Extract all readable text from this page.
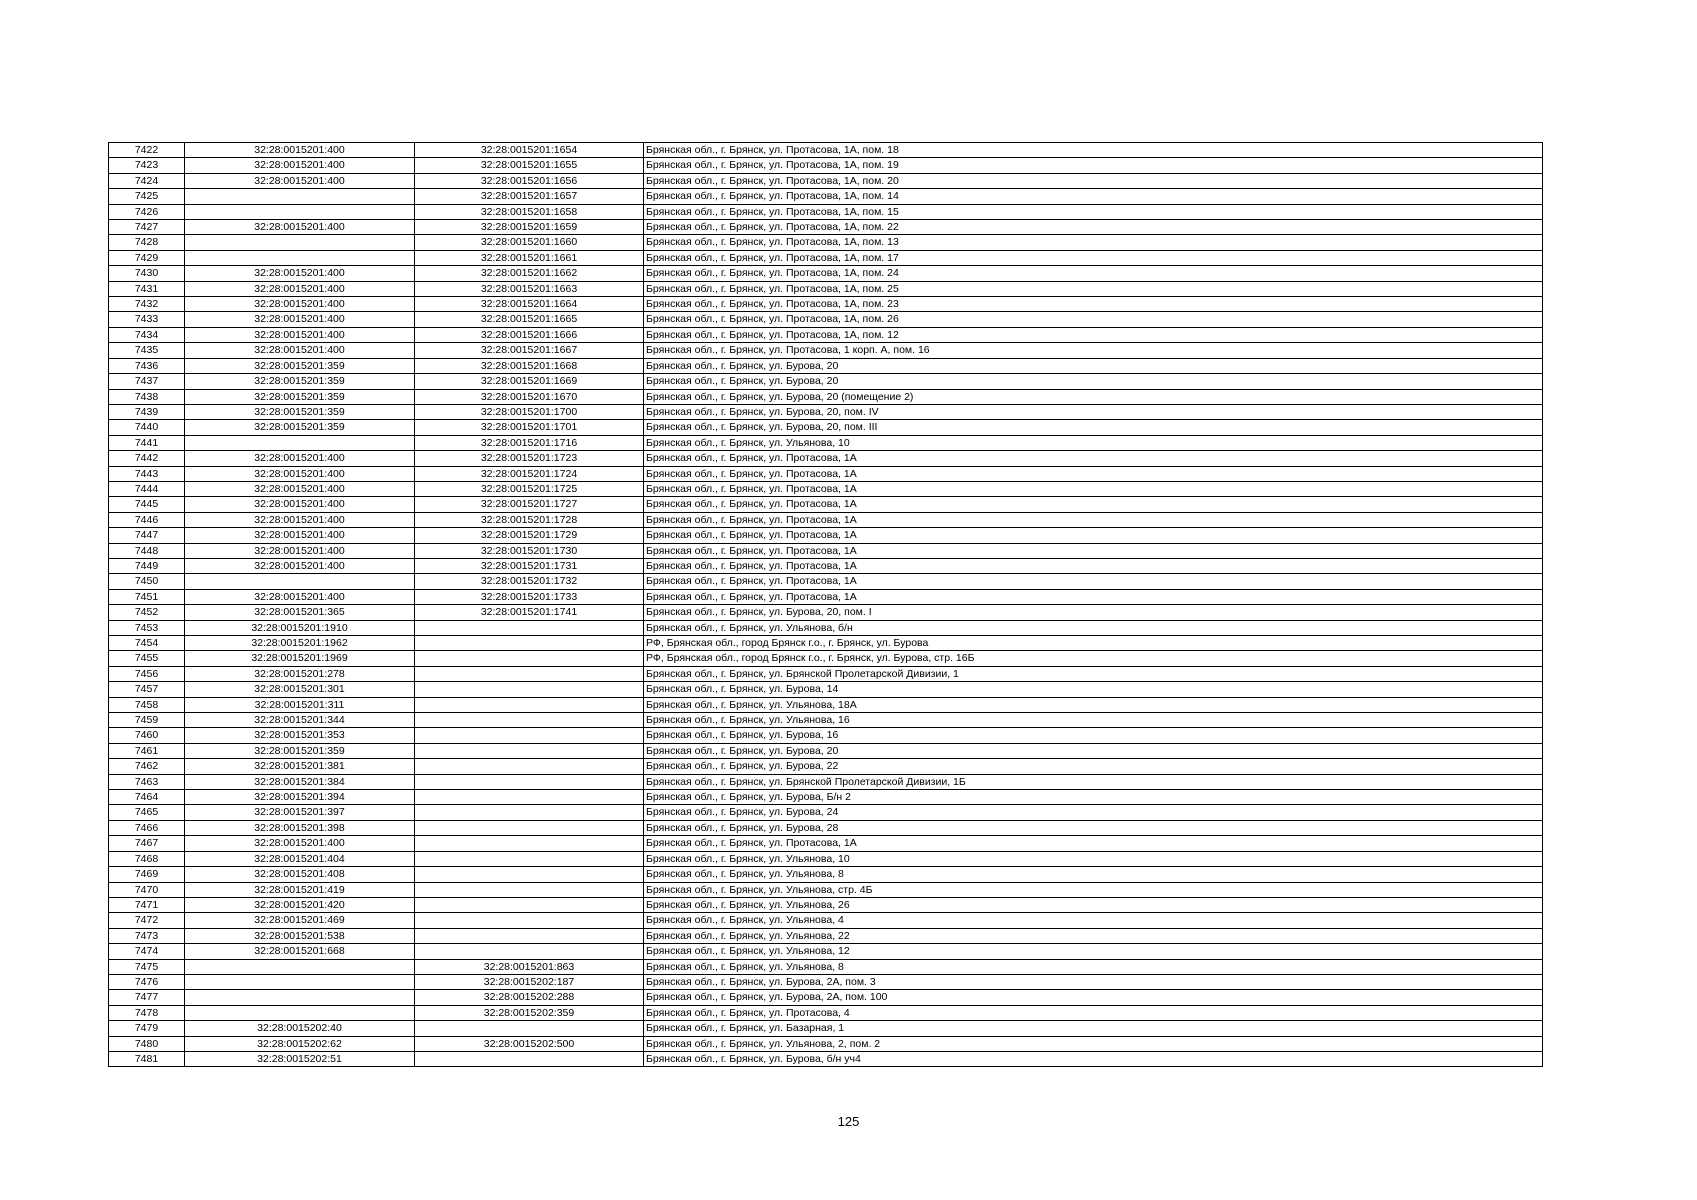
7422	32:28:0015201:400	32:28:0015201:1654	Брянская обл., г. Брянск, ул. Протасова, 1А, пом. 18
7423	32:28:0015201:400	32:28:0015201:1655	Брянская обл., г. Брянск, ул. Протасова, 1А, пом. 19
7424	32:28:0015201:400	32:28:0015201:1656	Брянская обл., г. Брянск, ул. Протасова, 1А, пом. 20
7425		32:28:0015201:1657	Брянская обл., г. Брянск, ул. Протасова, 1А, пом. 14
7426		32:28:0015201:1658	Брянская обл., г. Брянск, ул. Протасова, 1А, пом. 15
7427	32:28:0015201:400	32:28:0015201:1659	Брянская обл., г. Брянск, ул. Протасова, 1А, пом. 22
7428		32:28:0015201:1660	Брянская обл., г. Брянск, ул. Протасова, 1А, пом. 13
7429		32:28:0015201:1661	Брянская обл., г. Брянск, ул. Протасова, 1А, пом. 17
7430	32:28:0015201:400	32:28:0015201:1662	Брянская обл., г. Брянск, ул. Протасова, 1А, пом. 24
7431	32:28:0015201:400	32:28:0015201:1663	Брянская обл., г. Брянск, ул. Протасова, 1А, пом. 25
7432	32:28:0015201:400	32:28:0015201:1664	Брянская обл., г. Брянск, ул. Протасова, 1А, пом. 23
7433	32:28:0015201:400	32:28:0015201:1665	Брянская обл., г. Брянск, ул. Протасова, 1А, пом. 26
7434	32:28:0015201:400	32:28:0015201:1666	Брянская обл., г. Брянск, ул. Протасова, 1А, пом. 12
7435	32:28:0015201:400	32:28:0015201:1667	Брянская обл., г. Брянск, ул. Протасова, 1 корп. А, пом. 16
7436	32:28:0015201:359	32:28:0015201:1668	Брянская обл., г. Брянск, ул. Бурова, 20
7437	32:28:0015201:359	32:28:0015201:1669	Брянская обл., г. Брянск, ул. Бурова, 20
7438	32:28:0015201:359	32:28:0015201:1670	Брянская обл., г. Брянск, ул. Бурова, 20 (помещение 2)
7439	32:28:0015201:359	32:28:0015201:1700	Брянская обл., г. Брянск, ул. Бурова, 20, пом. IV
7440	32:28:0015201:359	32:28:0015201:1701	Брянская обл., г. Брянск, ул. Бурова, 20, пом. III
7441		32:28:0015201:1716	Брянская обл., г. Брянск, ул. Ульянова, 10
7442	32:28:0015201:400	32:28:0015201:1723	Брянская обл., г. Брянск, ул. Протасова, 1А
7443	32:28:0015201:400	32:28:0015201:1724	Брянская обл., г. Брянск, ул. Протасова, 1А
7444	32:28:0015201:400	32:28:0015201:1725	Брянская обл., г. Брянск, ул. Протасова, 1А
7445	32:28:0015201:400	32:28:0015201:1727	Брянская обл., г. Брянск, ул. Протасова, 1А
7446	32:28:0015201:400	32:28:0015201:1728	Брянская обл., г. Брянск, ул. Протасова, 1А
7447	32:28:0015201:400	32:28:0015201:1729	Брянская обл., г. Брянск, ул. Протасова, 1А
7448	32:28:0015201:400	32:28:0015201:1730	Брянская обл., г. Брянск, ул. Протасова, 1А
7449	32:28:0015201:400	32:28:0015201:1731	Брянская обл., г. Брянск, ул. Протасова, 1А
7450		32:28:0015201:1732	Брянская обл., г. Брянск, ул. Протасова, 1А
7451	32:28:0015201:400	32:28:0015201:1733	Брянская обл., г. Брянск, ул. Протасова, 1А
7452	32:28:0015201:365	32:28:0015201:1741	Брянская обл., г. Брянск, ул. Бурова, 20, пом. I
7453	32:28:0015201:1910		Брянская обл., г. Брянск, ул. Ульянова, б/н
7454	32:28:0015201:1962		РФ, Брянская обл., город Брянск г.о., г. Брянск, ул. Бурова
7455	32:28:0015201:1969		РФ, Брянская обл., город Брянск г.о., г. Брянск, ул. Бурова, стр. 16Б
7456	32:28:0015201:278		Брянская обл., г. Брянск, ул. Брянской Пролетарской Дивизии, 1
7457	32:28:0015201:301		Брянская обл., г. Брянск, ул. Бурова, 14
7458	32:28:0015201:311		Брянская обл., г. Брянск, ул. Ульянова, 18А
7459	32:28:0015201:344		Брянская обл., г. Брянск, ул. Ульянова, 16
7460	32:28:0015201:353		Брянская обл., г. Брянск, ул. Бурова, 16
7461	32:28:0015201:359		Брянская обл., г. Брянск, ул. Бурова, 20
7462	32:28:0015201:381		Брянская обл., г. Брянск, ул. Бурова, 22
7463	32:28:0015201:384		Брянская обл., г. Брянск, ул. Брянской Пролетарской Дивизии, 1Б
7464	32:28:0015201:394		Брянская обл., г. Брянск, ул. Бурова, Б/н 2
7465	32:28:0015201:397		Брянская обл., г. Брянск, ул. Бурова, 24
7466	32:28:0015201:398		Брянская обл., г. Брянск, ул. Бурова, 28
7467	32:28:0015201:400		Брянская обл., г. Брянск, ул. Протасова, 1А
7468	32:28:0015201:404		Брянская обл., г. Брянск, ул. Ульянова, 10
7469	32:28:0015201:408		Брянская обл., г. Брянск, ул. Ульянова, 8
7470	32:28:0015201:419		Брянская обл., г. Брянск, ул. Ульянова, стр. 4Б
7471	32:28:0015201:420		Брянская обл., г. Брянск, ул. Ульянова, 26
7472	32:28:0015201:469		Брянская обл., г. Брянск, ул. Ульянова, 4
7473	32:28:0015201:538		Брянская обл., г. Брянск, ул. Ульянова, 22
7474	32:28:0015201:668		Брянская обл., г. Брянск, ул. Ульянова, 12
7475		32:28:0015201:863	Брянская обл., г. Брянск, ул. Ульянова, 8
7476		32:28:0015202:187	Брянская обл., г. Брянск, ул. Бурова, 2А, пом. 3
7477		32:28:0015202:288	Брянская обл., г. Брянск, ул. Бурова, 2А, пом. 100
7478		32:28:0015202:359	Брянская обл., г. Брянск, ул. Протасова, 4
7479	32:28:0015202:40		Брянская обл., г. Брянск, ул. Базарная, 1
7480	32:28:0015202:62	32:28:0015202:500	Брянская обл., г. Брянск, ул. Ульянова, 2, пом. 2
7481	32:28:0015202:51		Брянская обл., г. Брянск, ул. Бурова, б/н уч4
125
